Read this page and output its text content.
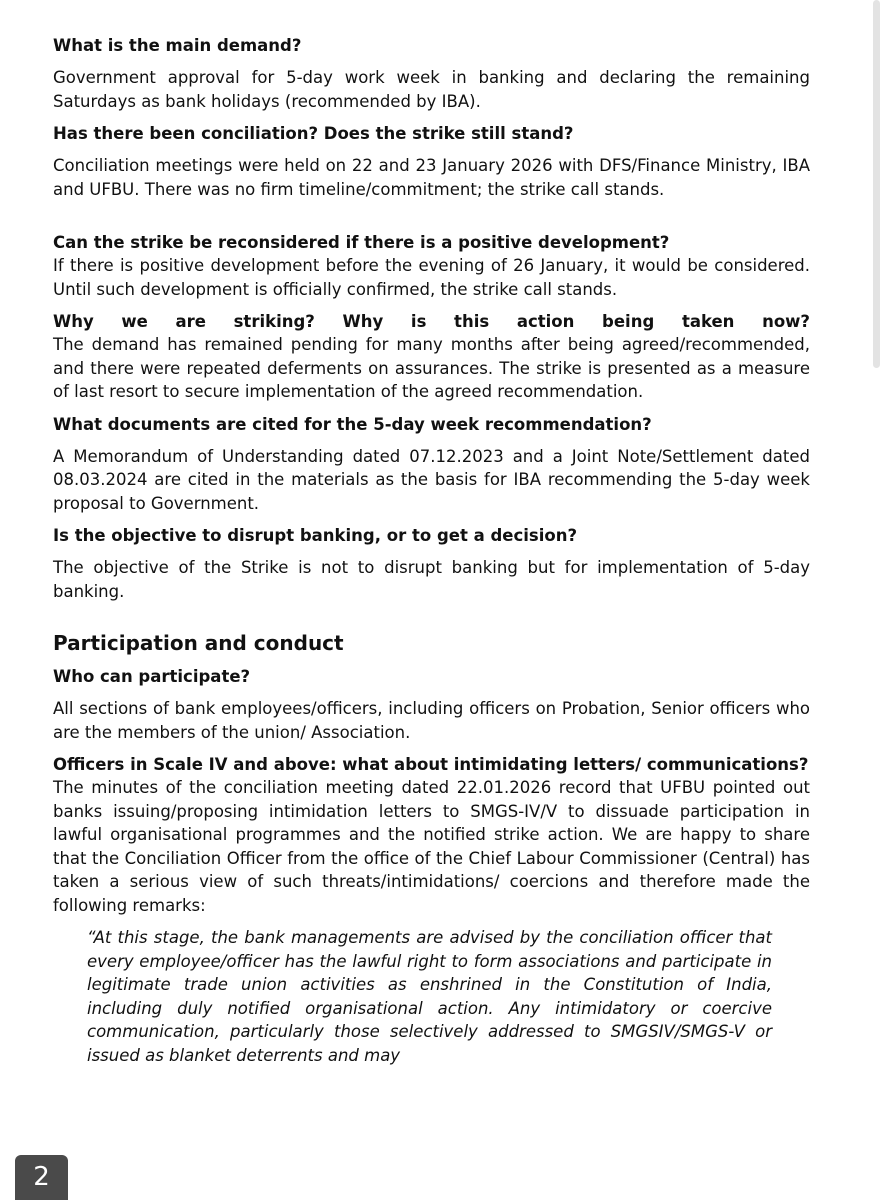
What is the main demand?

Government approval for 5-day work week in banking and declaring the remaining Saturdays as bank holidays (recommended by IBA).

Has there been conciliation? Does the strike still stand?

Conciliation meetings were held on 22 and 23 January 2026 with DFS/Finance Ministry, IBA and UFBU. There was no firm timeline/commitment; the strike call stands.

Can the strike be reconsidered if there is a positive development?

If there is positive development before the evening of 26 January, it would be considered. Until such development is officially confirmed, the strike call stands.

Why we are striking? Why is this action being taken now?

The demand has remained pending for many months after being agreed/recommended, and there were repeated deferments on assurances. The strike is presented as a measure of last resort to secure implementation of the agreed recommendation.

What documents are cited for the 5-day week recommendation?

A Memorandum of Understanding dated 07.12.2023 and a Joint Note/Settlement dated 08.03.2024 are cited in the materials as the basis for IBA recommending the 5-day week proposal to Government.

Is the objective to disrupt banking, or to get a decision?

The objective of the Strike is not to disrupt banking but for implementation of 5-day banking.

Participation and conduct

Who can participate?

All sections of bank employees/officers, including officers on Probation, Senior officers who are the members of the union/ Association.

Officers in Scale IV and above: what about intimidating letters/ communications?

The minutes of the conciliation meeting dated 22.01.2026 record that UFBU pointed out banks issuing/proposing intimidation letters to SMGS-IV/V to dissuade participation in lawful organisational programmes and the notified strike action. We are happy to share that the Conciliation Officer from the office of the Chief Labour Commissioner (Central) has taken a serious view of such threats/intimidations/ coercions and therefore made the following remarks:

“At this stage, the bank managements are advised by the conciliation officer that every employee/officer has the lawful right to form associations and participate in legitimate trade union activities as enshrined in the Constitution of India, including duly notified organisational action. Any intimidatory or coercive communication, particularly those selectively addressed to SMGSIV/SMGS-V or issued as blanket deterrents and may

2
